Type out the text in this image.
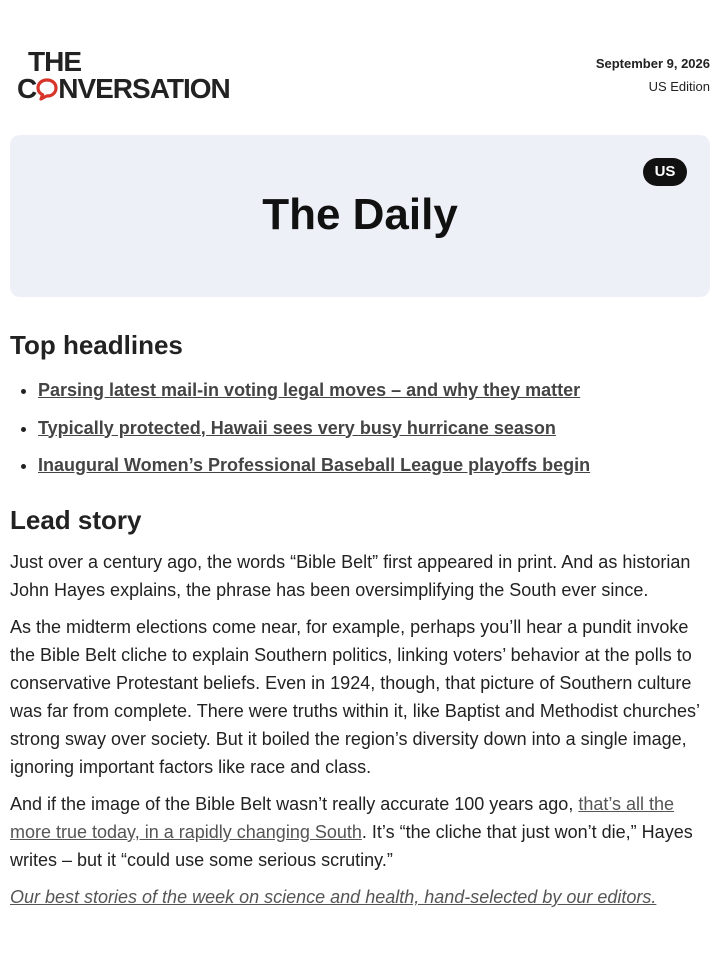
THE
C NVERSATION
September 9, 2026
US Edition
US
The Daily
Top headlines
• Parsing latest mail-in voting legal moves – and why they matter
• Typically protected, Hawaii sees very busy hurricane season
• Inaugural Women’s Professional Baseball League playoffs begin
Lead story

Just over a century ago, the words “Bible Belt” first appeared in print. And as historian John Hayes explains, the phrase has been oversimplifying the South ever since.

As the midterm elections come near, for example, perhaps you’ll hear a pundit invoke the Bible Belt cliche to explain Southern politics, linking voters’ behavior at the polls to conservative Protestant beliefs. Even in 1924, though, that picture of Southern culture was far from complete. There were truths within it, like Baptist and Methodist churches’ strong sway over society. But it boiled the region’s diversity down into a single image, ignoring important factors like race and class.

And if the image of the Bible Belt wasn’t really accurate 100 years ago, that’s all the more true today, in a rapidly changing South. It’s “the cliche that just won’t die,” Hayes writes – but it “could use some serious scrutiny.”

Our best stories of the week on science and health, hand-selected by our editors.
